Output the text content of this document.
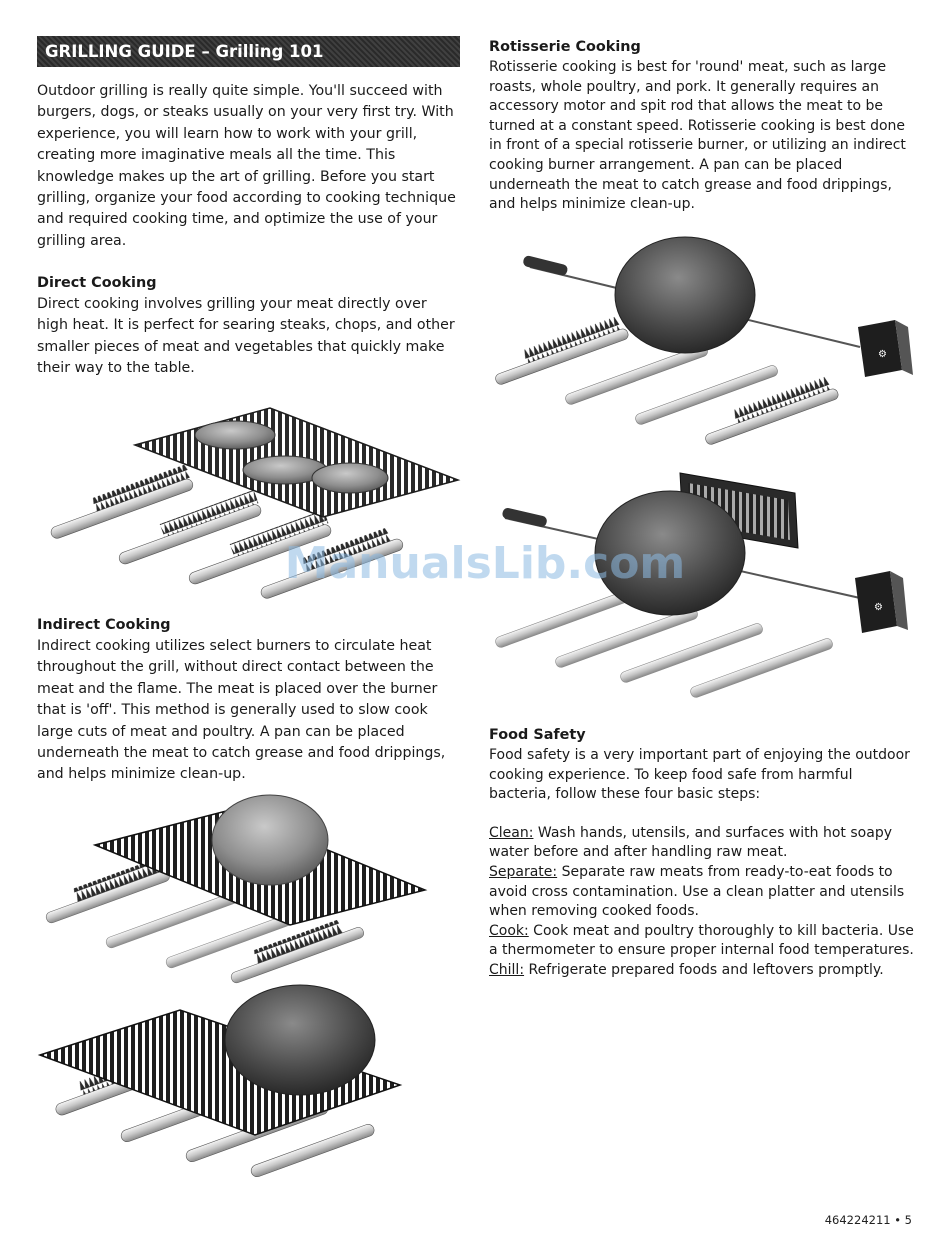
GRILLING GUIDE – Grilling 101

Outdoor grilling is really quite simple. You'll succeed with burgers, dogs, or steaks usually on your very first try. With experience, you will learn how to work with your grill, creating more imaginative meals all the time. This knowledge makes up the art of grilling. Before you start grilling, organize your food according to cooking technique and required cooking time, and optimize the use of your grilling area.

Direct Cooking

Direct cooking involves grilling your meat directly over high heat. It is perfect for searing steaks, chops, and other smaller pieces of meat and vegetables that quickly make their way to the table.

Indirect Cooking

Indirect cooking utilizes select burners to circulate heat throughout the grill, without direct contact between the meat and the flame. The meat is placed over the burner that is 'off'. This method is generally used to slow cook large cuts of meat and poultry. A pan can be placed underneath the meat to catch grease and food drippings, and helps minimize clean-up.

Rotisserie Cooking

Rotisserie cooking is best for 'round' meat, such as large roasts, whole poultry, and pork. It generally requires an accessory motor and spit rod that allows the meat to be turned at a constant speed. Rotisserie cooking is best done in front of a special rotisserie burner, or utilizing an indirect cooking burner arrangement. A pan can be placed underneath the meat to catch grease and food drippings, and helps minimize clean-up.

Food Safety

Food safety is a very important part of enjoying the outdoor cooking experience. To keep food safe from harmful bacteria, follow these four basic steps:

Clean: Wash hands, utensils, and surfaces with hot soapy water before and after handling raw meat.

Separate: Separate raw meats from ready-to-eat foods to avoid cross contamination. Use a clean platter and utensils when removing cooked foods.

Cook: Cook meat and poultry thoroughly to kill bacteria. Use a thermometer to ensure proper internal food temperatures.

Chill: Refrigerate prepared foods and leftovers promptly.

⚙
⚙
ManualsLib.com
464224211 • 5
